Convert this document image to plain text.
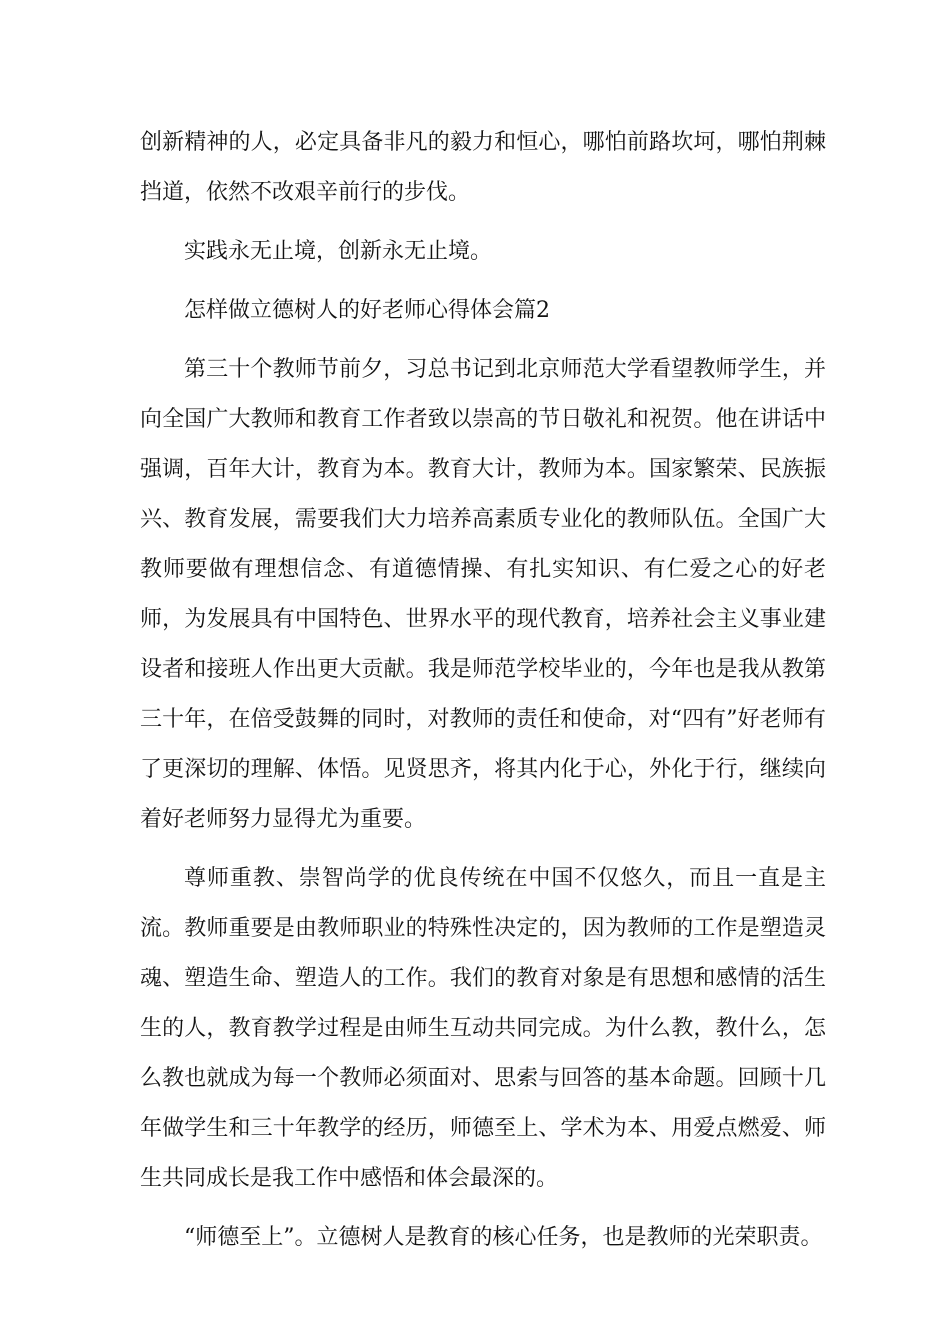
创新精神的人，必定具备非凡的毅力和恒心，哪怕前路坎坷，哪怕荆棘挡道，依然不改艰辛前行的步伐。

实践永无止境，创新永无止境。

怎样做立德树人的好老师心得体会篇2

第三十个教师节前夕，习总书记到北京师范大学看望教师学生，并向全国广大教师和教育工作者致以崇高的节日敬礼和祝贺。他在讲话中强调，百年大计，教育为本。教育大计，教师为本。国家繁荣、民族振兴、教育发展，需要我们大力培养高素质专业化的教师队伍。全国广大教师要做有理想信念、有道德情操、有扎实知识、有仁爱之心的好老师，为发展具有中国特色、世界水平的现代教育，培养社会主义事业建设者和接班人作出更大贡献。我是师范学校毕业的，今年也是我从教第三十年，在倍受鼓舞的同时，对教师的责任和使命，对“四有”好老师有了更深切的理解、体悟。见贤思齐，将其内化于心，外化于行，继续向着好老师努力显得尤为重要。

尊师重教、崇智尚学的优良传统在中国不仅悠久，而且一直是主流。教师重要是由教师职业的特殊性决定的，因为教师的工作是塑造灵魂、塑造生命、塑造人的工作。我们的教育对象是有思想和感情的活生生的人，教育教学过程是由师生互动共同完成。为什么教，教什么，怎么教也就成为每一个教师必须面对、思索与回答的基本命题。回顾十几年做学生和三十年教学的经历，师德至上、学术为本、用爱点燃爱、师生共同成长是我工作中感悟和体会最深的。

“师德至上”。立德树人是教育的核心任务，也是教师的光荣职责。
